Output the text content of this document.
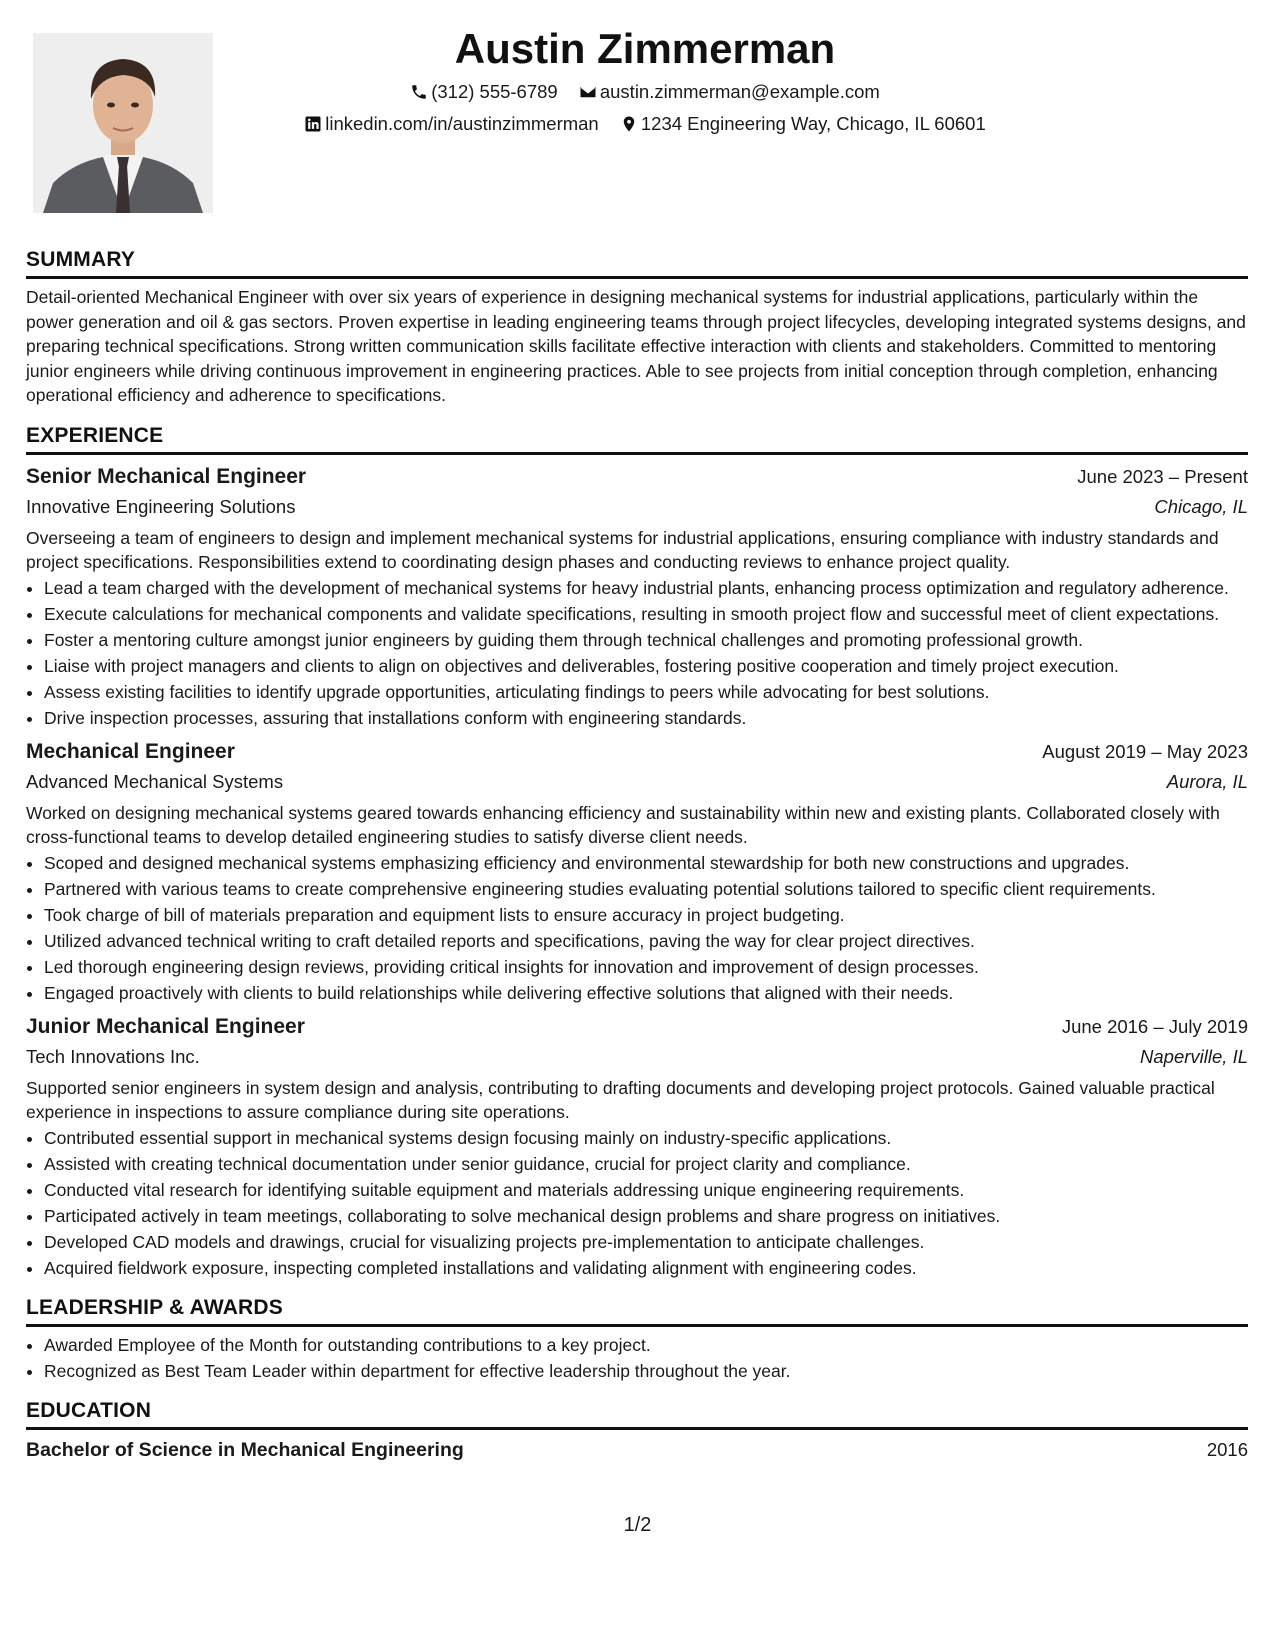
Austin Zimmerman
(312) 555-6789 austin.zimmerman@example.com
linkedin.com/in/austinzimmerman 1234 Engineering Way, Chicago, IL 60601
SUMMARY

Detail-oriented Mechanical Engineer with over six years of experience in designing mechanical systems for industrial applications, particularly within the power generation and oil & gas sectors. Proven expertise in leading engineering teams through project lifecycles, developing integrated systems designs, and preparing technical specifications. Strong written communication skills facilitate effective interaction with clients and stakeholders. Committed to mentoring junior engineers while driving continuous improvement in engineering practices. Able to see projects from initial conception through completion, enhancing operational efficiency and adherence to specifications.

EXPERIENCE
Senior Mechanical Engineer	June 2023 – Present
Innovative Engineering Solutions	Chicago, IL

Overseeing a team of engineers to design and implement mechanical systems for industrial applications, ensuring compliance with industry standards and project specifications. Responsibilities extend to coordinating design phases and conducting reviews to enhance project quality.

• Lead a team charged with the development of mechanical systems for heavy industrial plants, enhancing process optimization and regulatory adherence.
• Execute calculations for mechanical components and validate specifications, resulting in smooth project flow and successful meet of client expectations.
• Foster a mentoring culture amongst junior engineers by guiding them through technical challenges and promoting professional growth.
• Liaise with project managers and clients to align on objectives and deliverables, fostering positive cooperation and timely project execution.
• Assess existing facilities to identify upgrade opportunities, articulating findings to peers while advocating for best solutions.
• Drive inspection processes, assuring that installations conform with engineering standards.
Mechanical Engineer	August 2019 – May 2023
Advanced Mechanical Systems	Aurora, IL

Worked on designing mechanical systems geared towards enhancing efficiency and sustainability within new and existing plants. Collaborated closely with cross-functional teams to develop detailed engineering studies to satisfy diverse client needs.

• Scoped and designed mechanical systems emphasizing efficiency and environmental stewardship for both new constructions and upgrades.
• Partnered with various teams to create comprehensive engineering studies evaluating potential solutions tailored to specific client requirements.
• Took charge of bill of materials preparation and equipment lists to ensure accuracy in project budgeting.
• Utilized advanced technical writing to craft detailed reports and specifications, paving the way for clear project directives.
• Led thorough engineering design reviews, providing critical insights for innovation and improvement of design processes.
• Engaged proactively with clients to build relationships while delivering effective solutions that aligned with their needs.
Junior Mechanical Engineer	June 2016 – July 2019
Tech Innovations Inc.	Naperville, IL

Supported senior engineers in system design and analysis, contributing to drafting documents and developing project protocols. Gained valuable practical experience in inspections to assure compliance during site operations.

• Contributed essential support in mechanical systems design focusing mainly on industry-specific applications.
• Assisted with creating technical documentation under senior guidance, crucial for project clarity and compliance.
• Conducted vital research for identifying suitable equipment and materials addressing unique engineering requirements.
• Participated actively in team meetings, collaborating to solve mechanical design problems and share progress on initiatives.
• Developed CAD models and drawings, crucial for visualizing projects pre-implementation to anticipate challenges.
• Acquired fieldwork exposure, inspecting completed installations and validating alignment with engineering codes.
LEADERSHIP & AWARDS
• Awarded Employee of the Month for outstanding contributions to a key project.
• Recognized as Best Team Leader within department for effective leadership throughout the year.
EDUCATION
Bachelor of Science in Mechanical Engineering	2016
1/2
